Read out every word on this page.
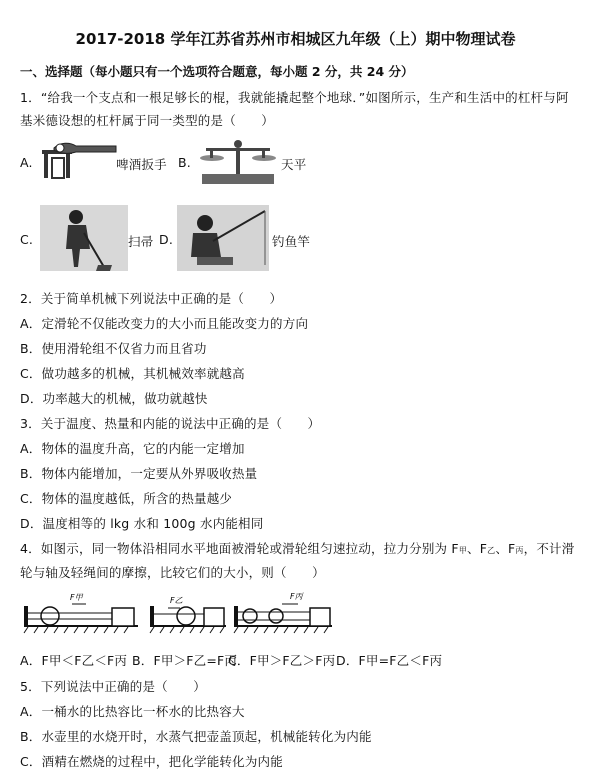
2017-2018 学年江苏省苏州市相城区九年级（上）期中物理试卷
一、选择题（每小题只有一个选项符合题意，每小题 2 分，共 24 分）
1．“给我一个支点和一根足够长的棍，我就能撬起整个地球．”如图所示，生产和生活中的杠杆与阿
基米德设想的杠杆属于同一类型的是（　　）
A.	啤酒扳手 B.	天平
C.	扫帚 D.	钓鱼竿
2．关于简单机械下列说法中正确的是（　　）
A．定滑轮不仅能改变力的大小而且能改变力的方向
B．使用滑轮组不仅省力而且省功
C．做功越多的机械，其机械效率就越高
D．功率越大的机械，做功就越快
3．关于温度、热量和内能的说法中正确的是（　　）
A．物体的温度升高，它的内能一定增加
B．物体内能增加，一定要从外界吸收热量
C．物体的温度越低，所含的热量越少
D．温度相等的 lkg 水和 100g 水内能相同
4．如图示，同一物体沿相同水平地面被滑轮或滑轮组匀速拉动，拉力分别为 F甲、F乙、F丙，不计滑
轮与轴及轻绳间的摩擦，比较它们的大小，则（　　）
F甲	F乙	F丙
A．F甲＜F乙＜F丙 B．F甲＞F乙=F丙
C．F甲＞F乙＞F丙 D．F甲=F乙＜F丙
5．下列说法中正确的是（　　）
A．一桶水的比热容比一杯水的比热容大
B．水壶里的水烧开时，水蒸气把壶盖顶起，机械能转化为内能
C．酒精在燃烧的过程中，把化学能转化为内能
